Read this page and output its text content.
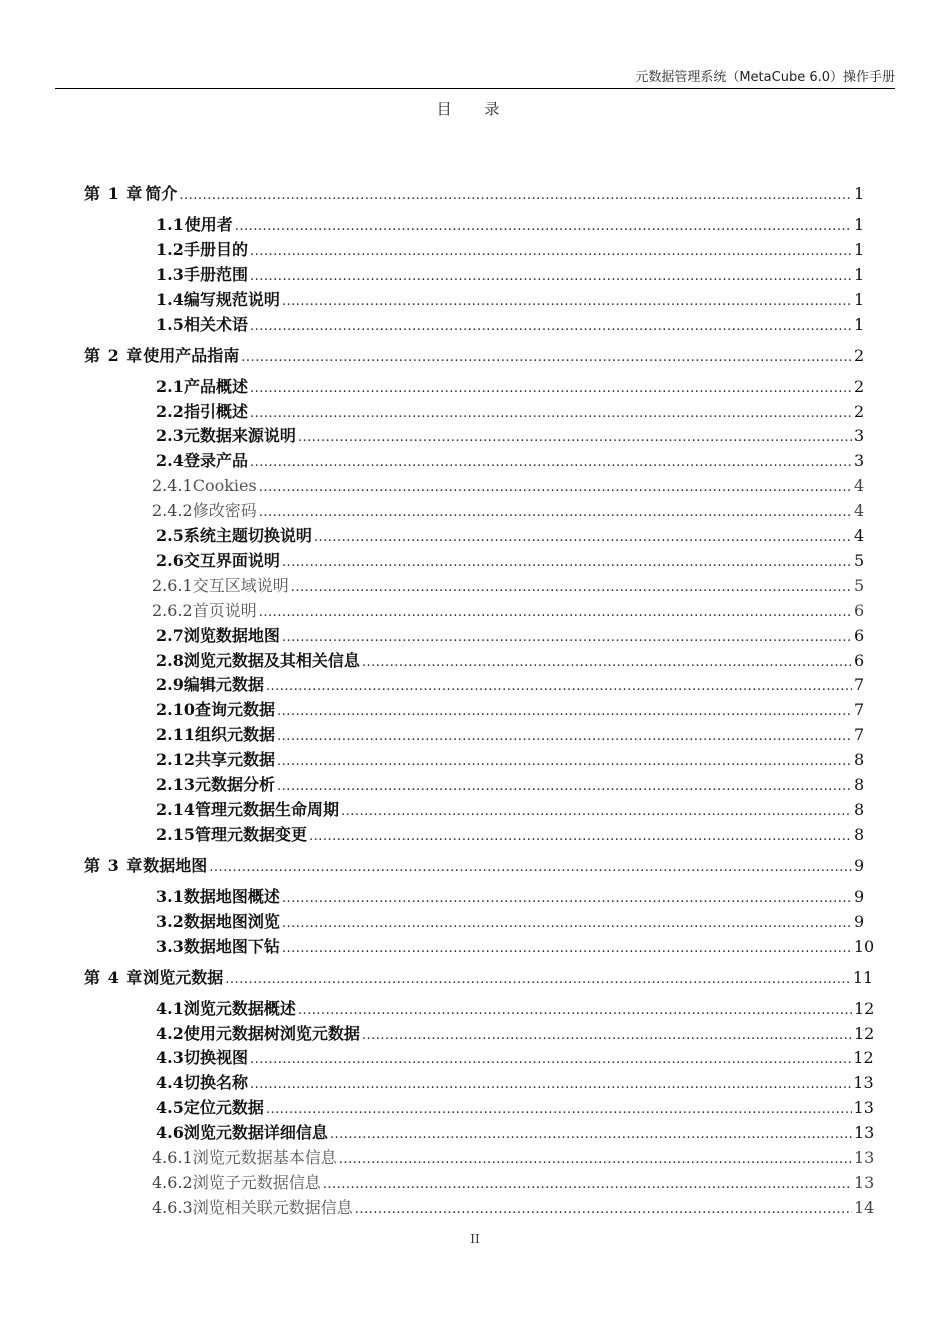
元数据管理系统（MetaCube 6.0）操作手册
目 录
第 1 章 简介 .....	1
1.1 使用者 .....	1
1.2 手册目的 .....	1
1.3 手册范围 .....	1
1.4 编写规范说明 .....	1
1.5 相关术语 .....	1
第 2 章 使用产品指南 .....	2
2.1 产品概述 .....	2
2.2 指引概述 .....	2
2.3 元数据来源说明 .....	3
2.4 登录产品 .....	3
2.4.1 Cookies .....	4
2.4.2 修改密码 .....	4
2.5 系统主题切换说明 .....	4
2.6 交互界面说明 .....	5
2.6.1 交互区域说明 .....	5
2.6.2 首页说明 .....	6
2.7 浏览数据地图 .....	6
2.8 浏览元数据及其相关信息 .....	6
2.9 编辑元数据 .....	7
2.10 查询元数据 .....	7
2.11 组织元数据 .....	7
2.12 共享元数据 .....	8
2.13 元数据分析 .....	8
2.14 管理元数据生命周期 .....	8
2.15 管理元数据变更 .....	8
第 3 章 数据地图 .....	9
3.1 数据地图概述 .....	9
3.2 数据地图浏览 .....	9
3.3 数据地图下钻 .....	10
第 4 章 浏览元数据 .....	11
4.1 浏览元数据概述 .....	12
4.2 使用元数据树浏览元数据 .....	12
4.3 切换视图 .....	12
4.4 切换名称 .....	13
4.5 定位元数据 .....	13
4.6 浏览元数据详细信息 .....	13
4.6.1 浏览元数据基本信息 .....	13
4.6.2 浏览子元数据信息 .....	13
4.6.3 浏览相关联元数据信息 .....	14
II
